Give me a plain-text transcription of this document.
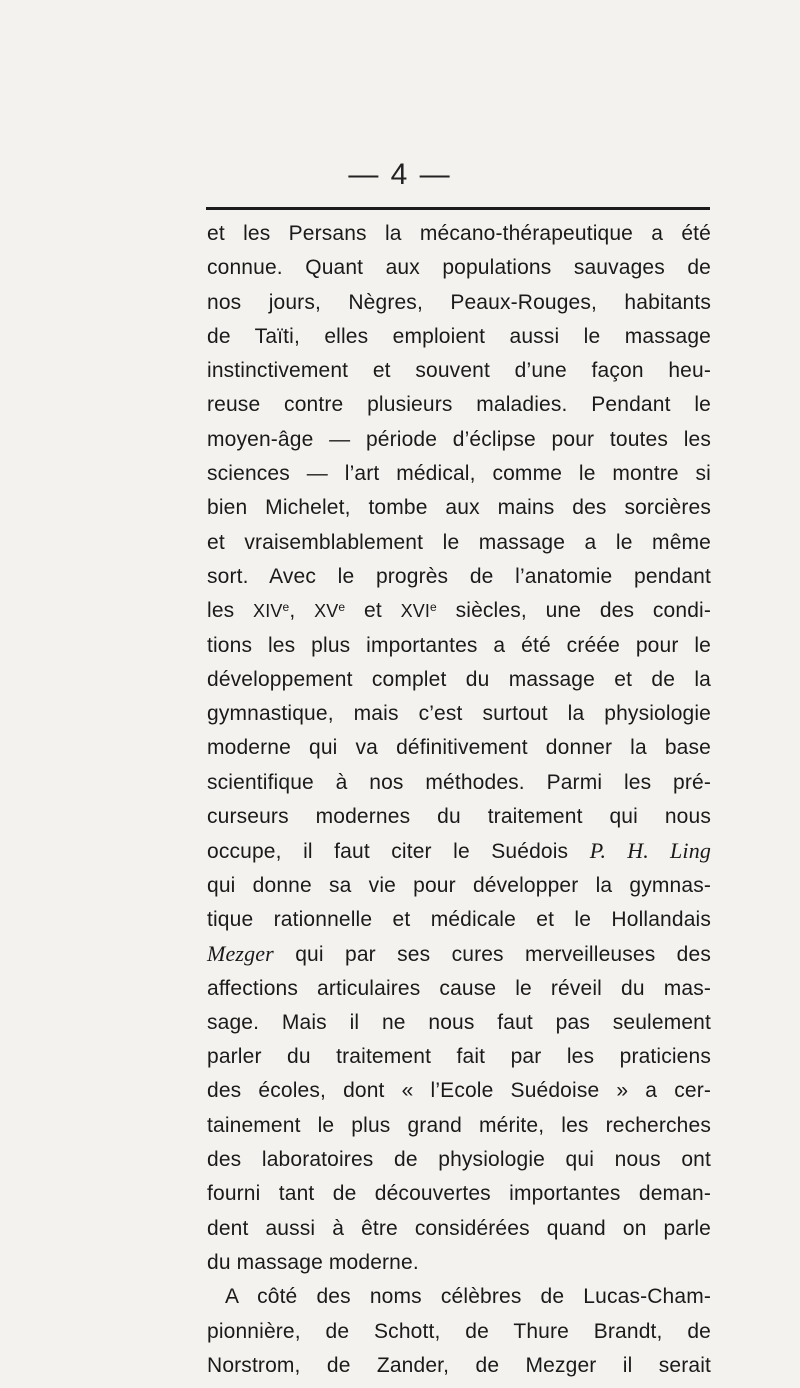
— 4 —
et les Persans la mécano-thérapeutique a été
connue. Quant aux populations sauvages de
nos jours, Nègres, Peaux-Rouges, habitants
de Taïti, elles emploient aussi le massage
instinctivement et souvent d’une façon heu-
reuse contre plusieurs maladies. Pendant le
moyen-âge — période d’éclipse pour toutes les
sciences — l’art médical, comme le montre si
bien Michelet, tombe aux mains des sorcières
et vraisemblablement le massage a le même
sort. Avec le progrès de l’anatomie pendant
les XIVe, XVe et XVIe siècles, une des condi-
tions les plus importantes a été créée pour le
développement complet du massage et de la
gymnastique, mais c’est surtout la physiologie
moderne qui va définitivement donner la base
scientifique à nos méthodes. Parmi les pré-
curseurs modernes du traitement qui nous
occupe, il faut citer le Suédois P. H. Ling
qui donne sa vie pour développer la gymnas-
tique rationnelle et médicale et le Hollandais
Mezger qui par ses cures merveilleuses des
affections articulaires cause le réveil du mas-
sage. Mais il ne nous faut pas seulement
parler du traitement fait par les praticiens
des écoles, dont « l’Ecole Suédoise » a cer-
tainement le plus grand mérite, les recherches
des laboratoires de physiologie qui nous ont
fourni tant de découvertes importantes deman-
dent aussi à être considérées quand on parle
du massage moderne.
A côté des noms célèbres de Lucas-Cham-
pionnière, de Schott, de Thure Brandt, de
Norstrom, de Zander, de Mezger il serait
